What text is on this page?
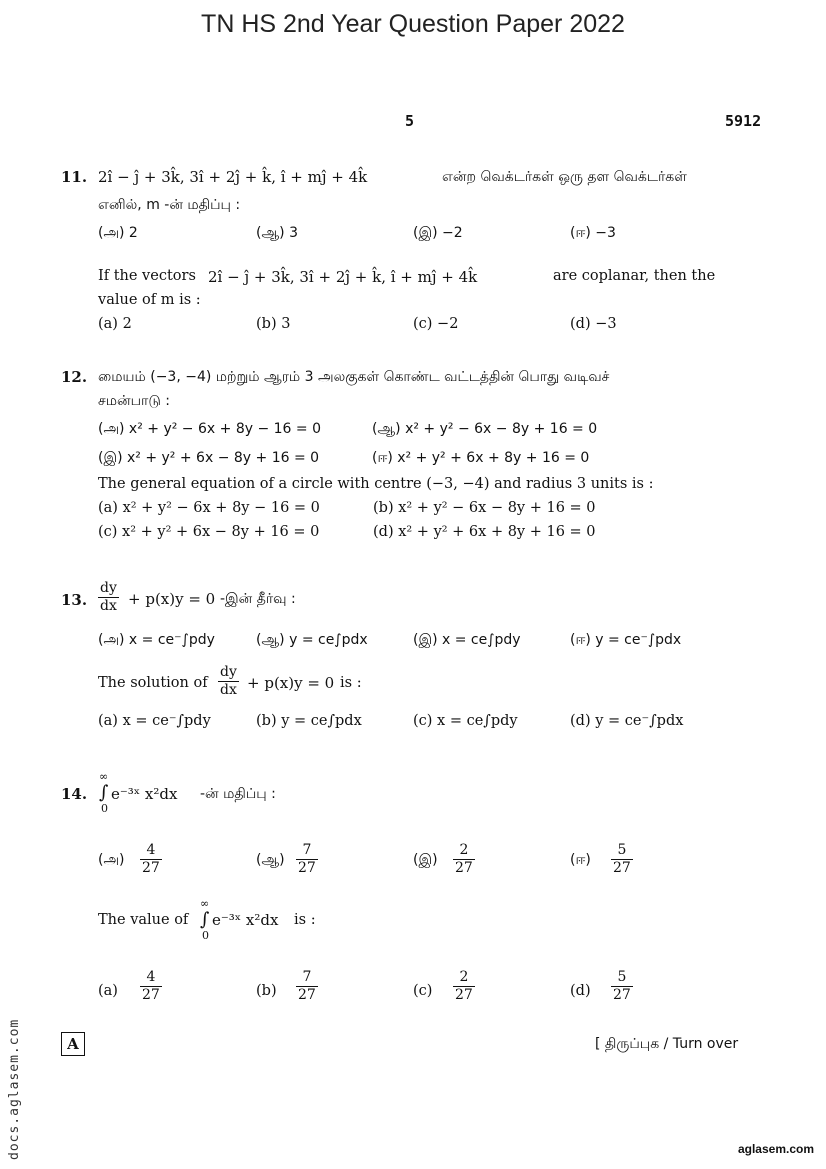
TN HS 2nd Year Question Paper 2022
5	5912
11. 2î − ĵ + 3k̂, 3î + 2ĵ + k̂, î + mĵ + 4k̂	என்ற வெக்டர்கள் ஒரு தள வெக்டர்கள்
எனில், m -ன் மதிப்பு :
(அ) 2	(ஆ) 3	(இ) −2	(ஈ) −3
If the vectors 2î − ĵ + 3k̂, 3î + 2ĵ + k̂, î + mĵ + 4k̂	are coplanar, then the
value of m is :
(a) 2	(b) 3	(c) −2	(d) −3
12. மையம் (−3, −4) மற்றும் ஆரம் 3 அலகுகள் கொண்ட வட்டத்தின் பொது வடிவச்
சமன்பாடு :
(அ) x² + y² − 6x + 8y − 16 = 0	(ஆ) x² + y² − 6x − 8y + 16 = 0
(இ) x² + y² + 6x − 8y + 16 = 0	(ஈ) x² + y² + 6x + 8y + 16 = 0
The general equation of a circle with centre (−3, −4) and radius 3 units is :
(a) x² + y² − 6x + 8y − 16 = 0	(b) x² + y² − 6x − 8y + 16 = 0
(c) x² + y² + 6x − 8y + 16 = 0	(d) x² + y² + 6x + 8y + 16 = 0
13. $\frac{dy}{dx} + p(x)y = 0$ -இன் தீர்வு :
(அ) x = ce⁻∫pdy	(ஆ) y = ce∫pdx	(இ) x = ce∫pdy	(ஈ) y = ce⁻∫pdx
The solution of $\frac{dy}{dx} + p(x)y = 0$ is :
(a) x = ce⁻∫pdy	(b) y = ce∫pdx	(c) x = ce∫pdy	(d) y = ce⁻∫pdx
14.
∞
∫
0
e⁻³ˣ x²dx -ன் மதிப்பு :
(அ) $\frac{4}{27}$	(ஆ) $\frac{7}{27}$	(இ) $\frac{2}{27}$	(ஈ) $\frac{5}{27}$
The value of
∞
∫
0
e⁻³ˣ x²dx is :
$(a) \frac{4}{27}$	$(b) \frac{7}{27}$	$(c) \frac{2}{27}$	$(d) \frac{5}{27}$
A	[ திருப்புக / Turn over
docs.aglasem.com	aglasem.com
